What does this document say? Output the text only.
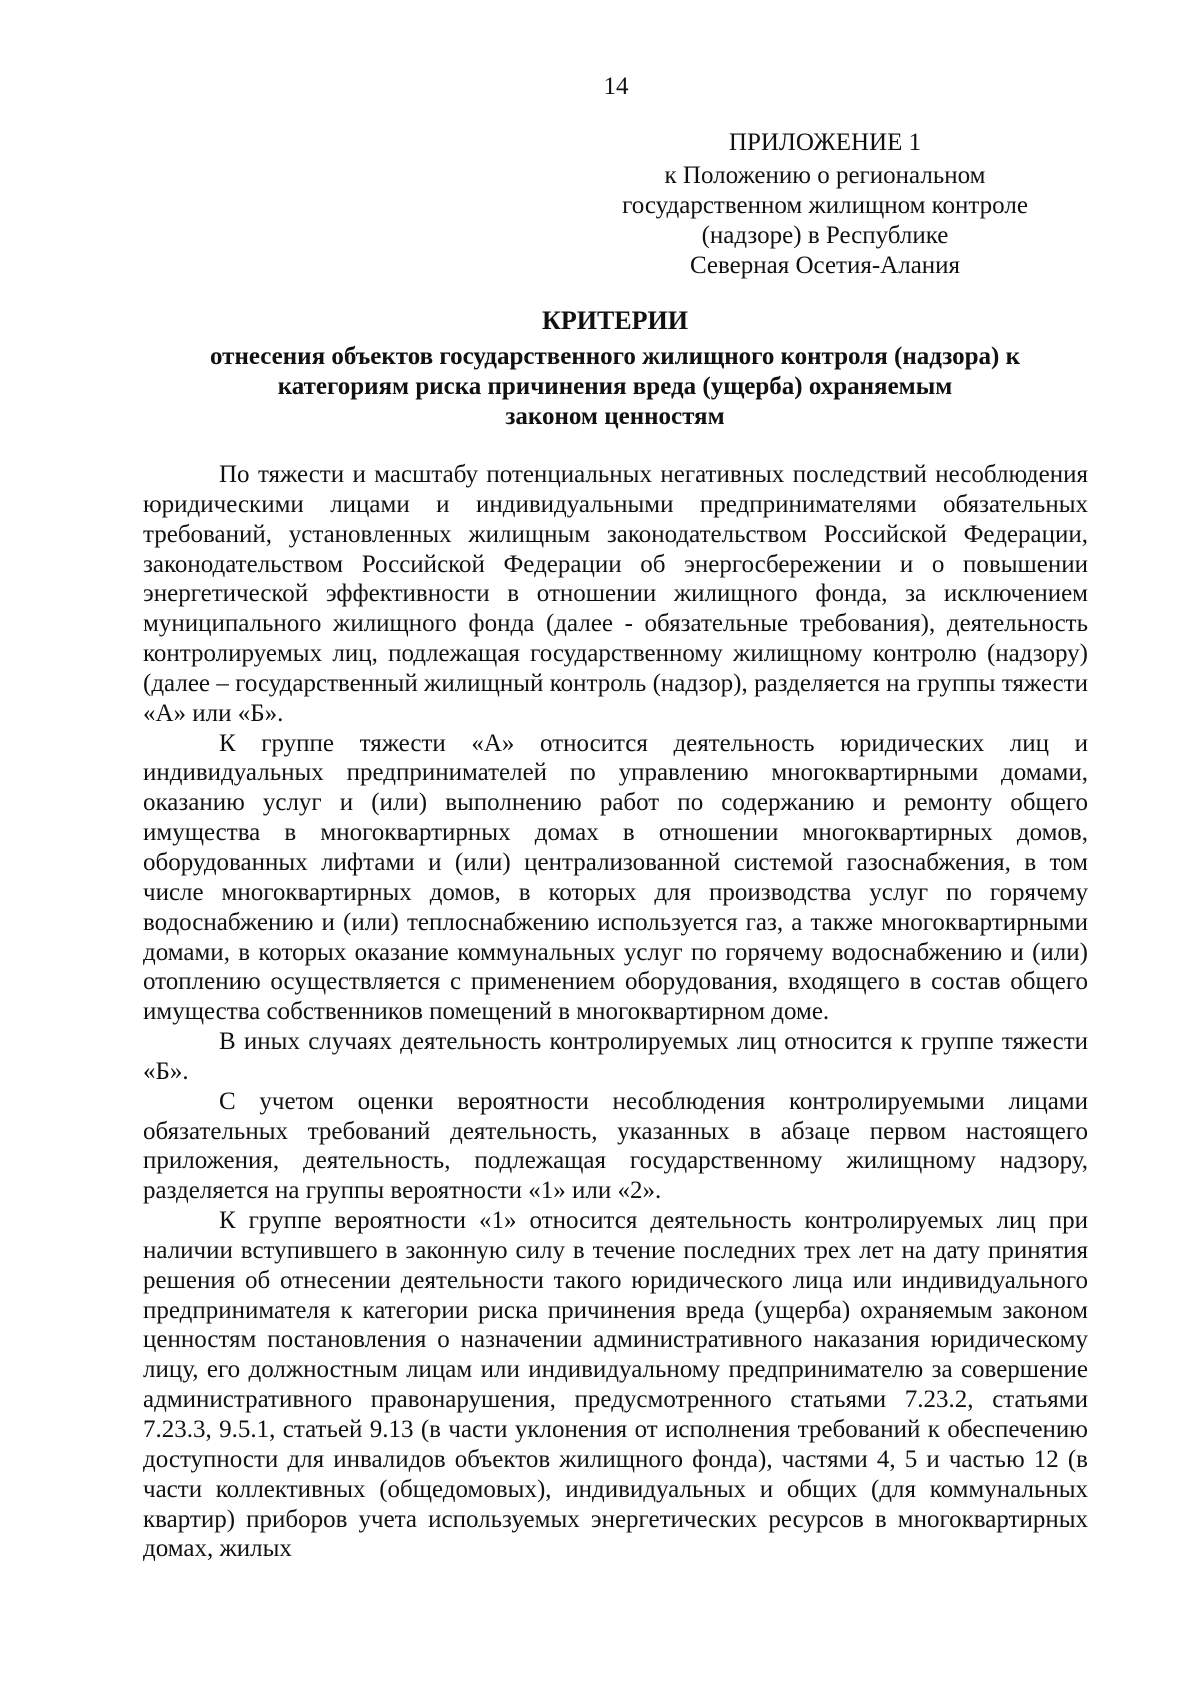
14
ПРИЛОЖЕНИЕ 1
к Положению о региональном
государственном жилищном контроле
(надзоре) в Республике
Северная Осетия-Алания
КРИТЕРИИ
отнесения объектов государственного жилищного контроля (надзора) к
категориям риска причинения вреда (ущерба) охраняемым
законом ценностям

По тяжести и масштабу потенциальных негативных последствий несоблюдения юридическими лицами и индивидуальными предпринимателями обязательных требований, установленных жилищным законодательством Российской Федерации, законодательством Российской Федерации об энергосбережении и о повышении энергетической эффективности в отношении жилищного фонда, за исключением муниципального жилищного фонда (далее - обязательные требования), деятельность контролируемых лиц, подлежащая государственному жилищному контролю (надзору) (далее – государственный жилищный контроль (надзор), разделяется на группы тяжести «А» или «Б».

К группе тяжести «А» относится деятельность юридических лиц и индивидуальных предпринимателей по управлению многоквартирными домами, оказанию услуг и (или) выполнению работ по содержанию и ремонту общего имущества в многоквартирных домах в отношении многоквартирных домов, оборудованных лифтами и (или) централизованной системой газоснабжения, в том числе многоквартирных домов, в которых для производства услуг по горячему водоснабжению и (или) теплоснабжению используется газ, а также многоквартирными домами, в которых оказание коммунальных услуг по горячему водоснабжению и (или) отоплению осуществляется с применением оборудования, входящего в состав общего имущества собственников помещений в многоквартирном доме.

В иных случаях деятельность контролируемых лиц относится к группе тяжести «Б».

С учетом оценки вероятности несоблюдения контролируемыми лицами обязательных требований деятельность, указанных в абзаце первом настоящего приложения, деятельность, подлежащая государственному жилищному надзору, разделяется на группы вероятности «1» или «2».

К группе вероятности «1» относится деятельность контролируемых лиц при наличии вступившего в законную силу в течение последних трех лет на дату принятия решения об отнесении деятельности такого юридического лица или индивидуального предпринимателя к категории риска причинения вреда (ущерба) охраняемым законом ценностям постановления о назначении административного наказания юридическому лицу, его должностным лицам или индивидуальному предпринимателю за совершение административного правонарушения, предусмотренного статьями 7.23.2, статьями 7.23.3, 9.5.1, статьей 9.13 (в части уклонения от исполнения требований к обеспечению доступности для инвалидов объектов жилищного фонда), частями 4, 5 и частью 12 (в части коллективных (общедомовых), индивидуальных и общих (для коммунальных квартир) приборов учета используемых энергетических ресурсов в многоквартирных домах, жилых
